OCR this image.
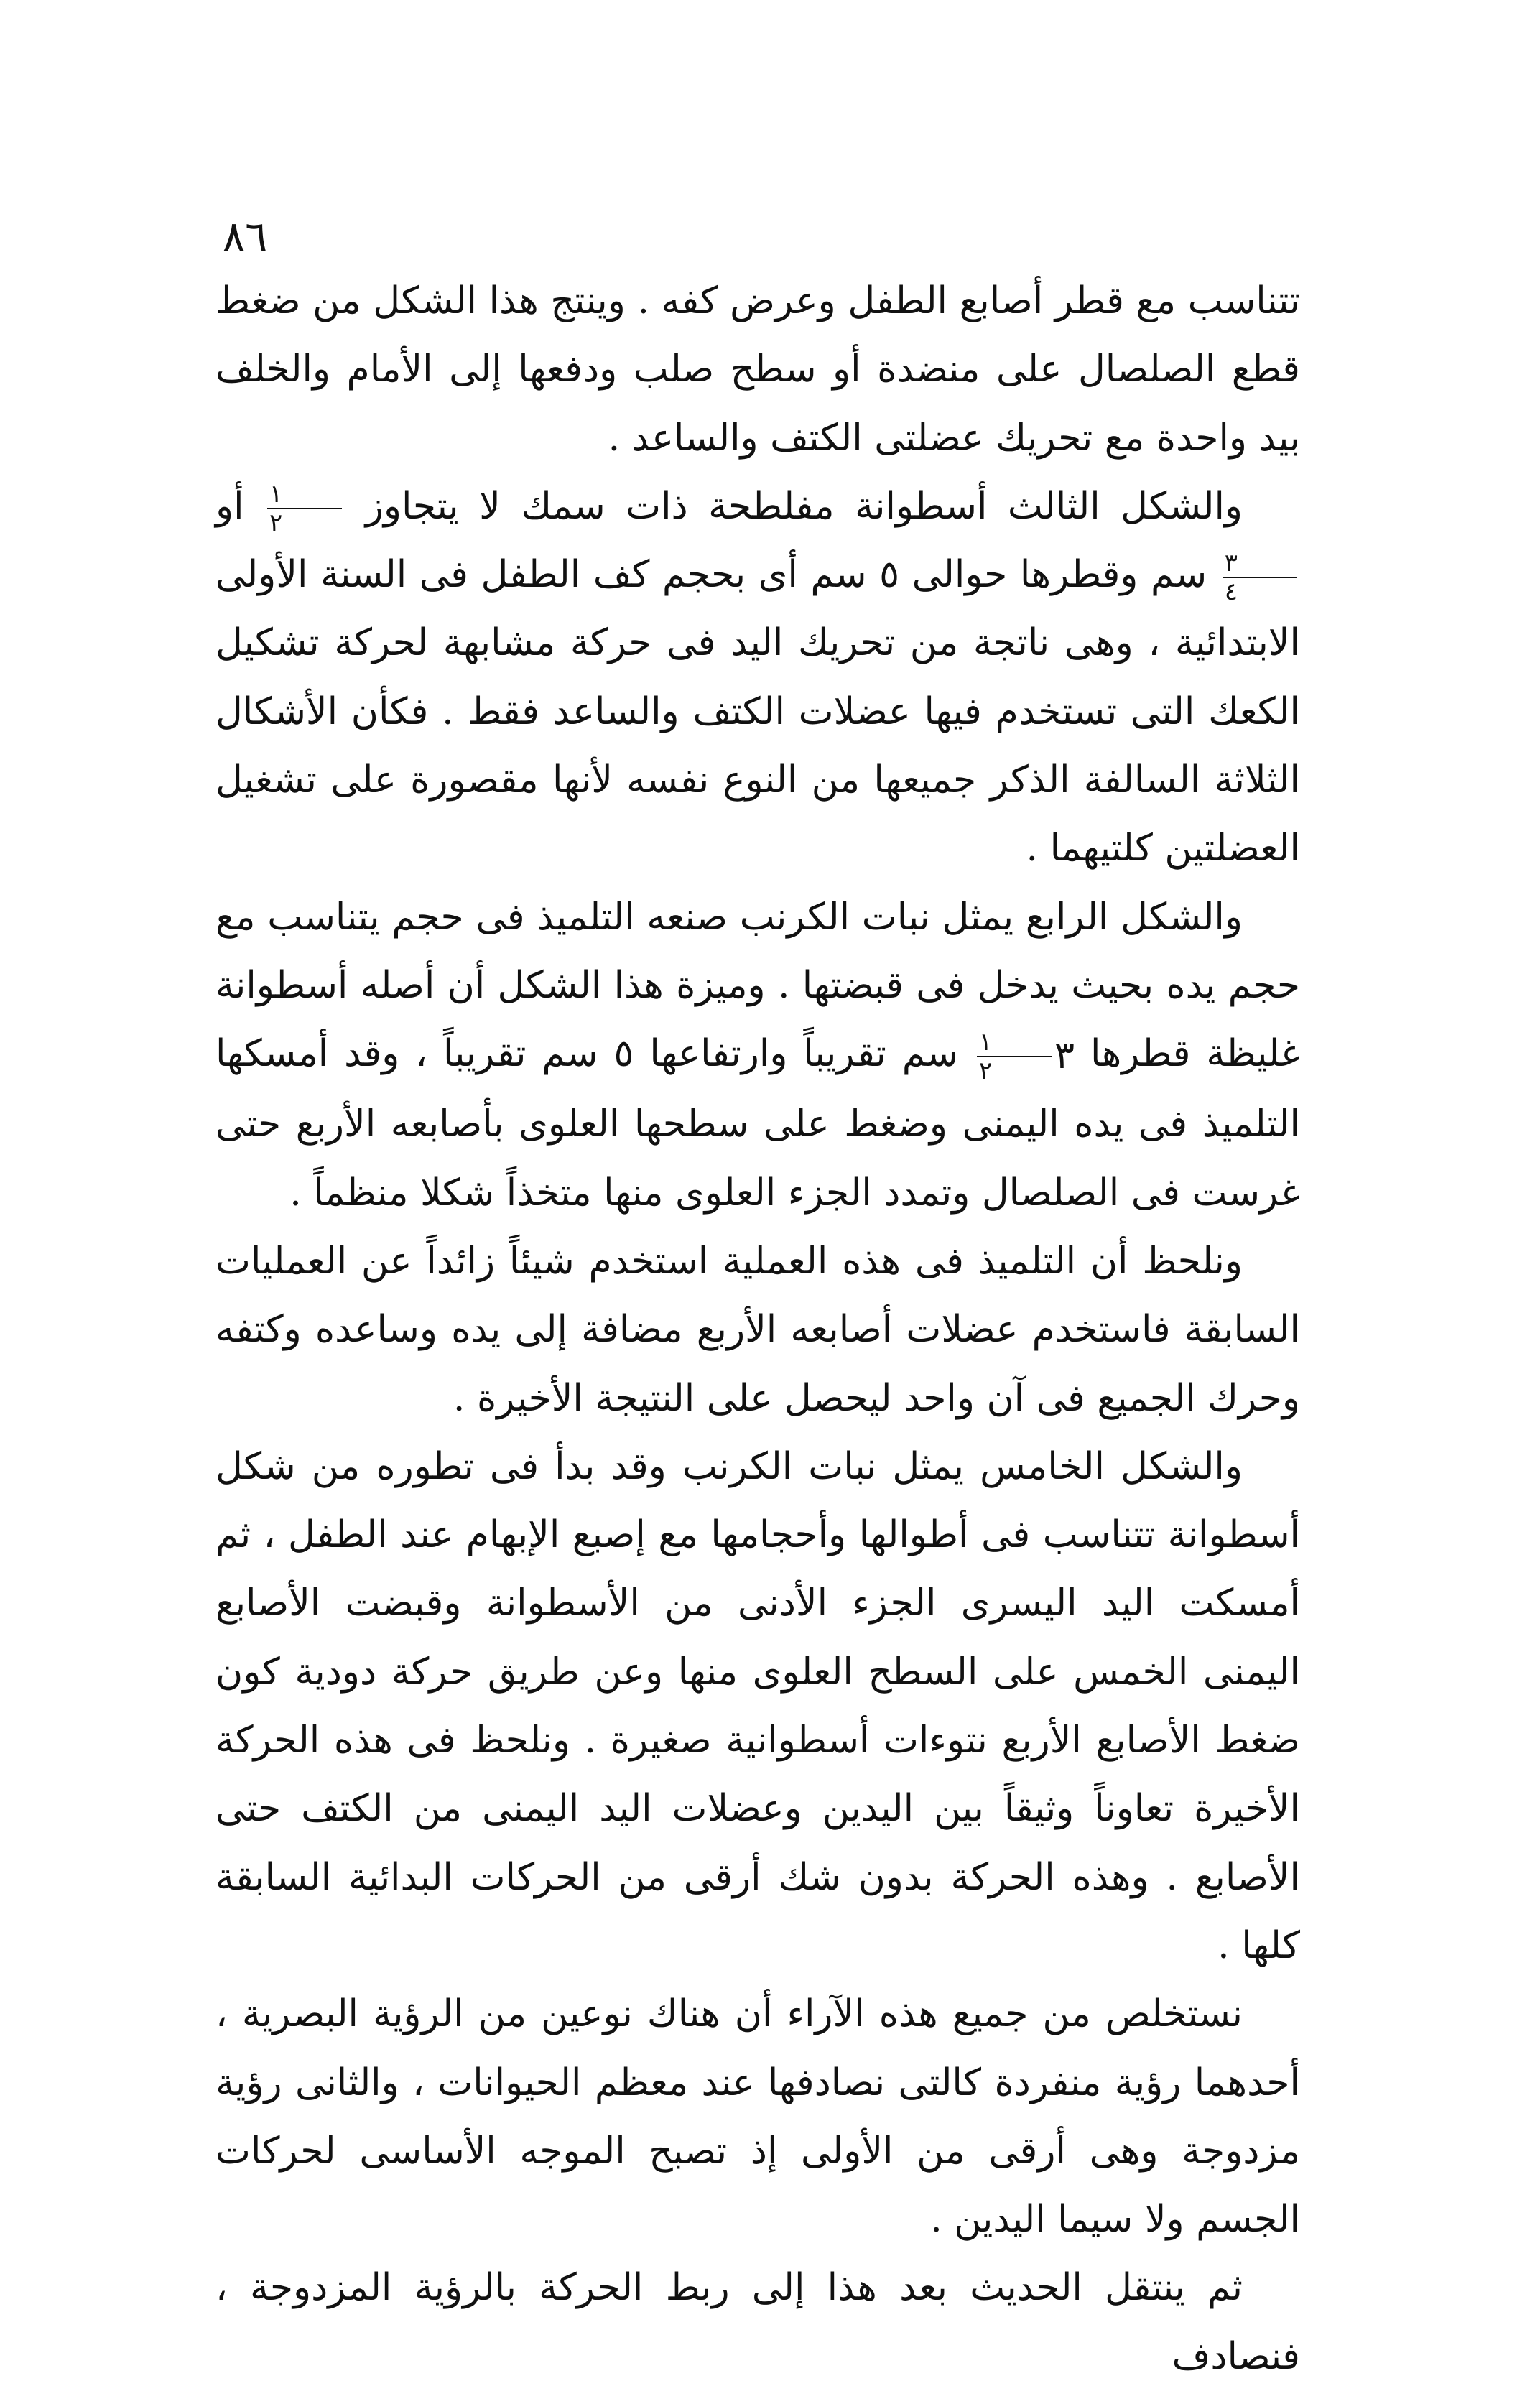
٨٦

تتناسب مع قطر أصابع الطفل وعرض كفه . وينتج هذا الشكل من ضغط قطع الصلصال على منضدة أو سطح صلب ودفعها إلى الأمام والخلف بيد واحدة مع تحريك عضلتى الكتف والساعد .

والشكل الثالث أسطوانة مفلطحة ذات سمك لا يتجاوز
$\frac{١}{٢}$
أو
$\frac{٣}{٤}$
سم وقطرها حوالى ٥ سم أى بحجم كف الطفل فى السنة الأولى الابتدائية ، وهى ناتجة من تحريك اليد فى حركة مشابهة لحركة تشكيل الكعك التى تستخدم فيها عضلات الكتف والساعد فقط . فكأن الأشكال الثلاثة السالفة الذكر جميعها من النوع نفسه لأنها مقصورة على تشغيل العضلتين كلتيهما .

والشكل الرابع يمثل نبات الكرنب صنعه التلميذ فى حجم يتناسب مع حجم يده بحيث يدخل فى قبضتها . وميزة هذا الشكل أن أصله أسطوانة غليظة قطرها ٣
$\frac{١}{٢}$
سم تقريباً وارتفاعها ٥ سم تقريباً ، وقد أمسكها التلميذ فى يده اليمنى وضغط على سطحها العلوى بأصابعه الأربع حتى غرست فى الصلصال وتمدد الجزء العلوى منها متخذاً شكلا منظماً .

ونلحظ أن التلميذ فى هذه العملية استخدم شيئاً زائداً عن العمليات السابقة فاستخدم عضلات أصابعه الأربع مضافة إلى يده وساعده وكتفه وحرك الجميع فى آن واحد ليحصل على النتيجة الأخيرة .

والشكل الخامس يمثل نبات الكرنب وقد بدأ فى تطوره من شكل أسطوانة تتناسب فى أطوالها وأحجامها مع إصبع الإبهام عند الطفل ، ثم أمسكت اليد اليسرى الجزء الأدنى من الأسطوانة وقبضت الأصابع اليمنى الخمس على السطح العلوى منها وعن طريق حركة دودية كون ضغط الأصابع الأربع نتوءات أسطوانية صغيرة . ونلحظ فى هذه الحركة الأخيرة تعاوناً وثيقاً بين اليدين وعضلات اليد اليمنى من الكتف حتى الأصابع . وهذه الحركة بدون شك أرقى من الحركات البدائية السابقة كلها .

نستخلص من جميع هذه الآراء أن هناك نوعين من الرؤية البصرية ، أحدهما رؤية منفردة كالتى نصادفها عند معظم الحيوانات ، والثانى رؤية مزدوجة وهى أرقى من الأولى إذ تصبح الموجه الأساسى لحركات الجسم ولا سيما اليدين .

ثم ينتقل الحديث بعد هذا إلى ربط الحركة بالرؤية المزدوجة ، فنصادف
